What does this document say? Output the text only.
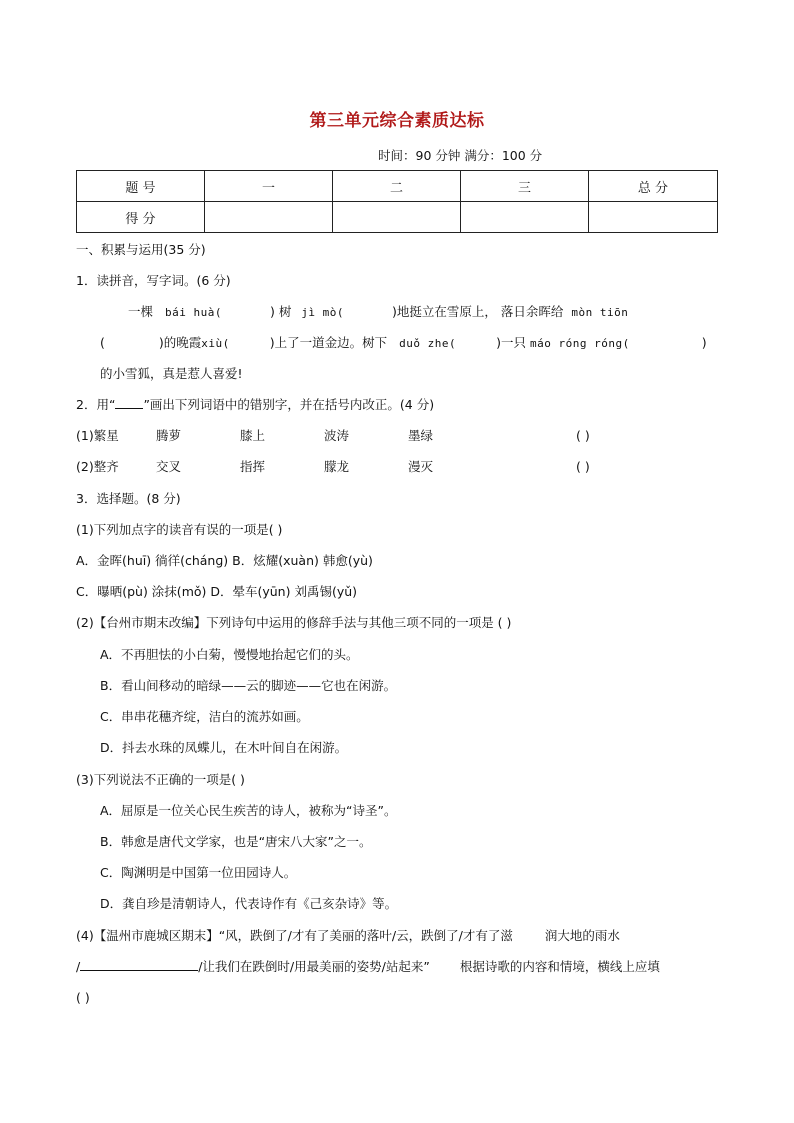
第三单元综合素质达标
时间：90 分钟 满分：100 分
题 号	一	二	三	总 分
得 分				
一、积累与运用(35 分)
1．读拼音，写字词。(6 分)
一棵 bái huà(	) 树 jì mò(	)地挺立在雪原上， 落日余晖给 mòn tiōn
(	)的晚霞xiù(	)上了一道金边。树下 duǒ zhe(	)一只 máo róng róng(	)
的小雪狐，真是惹人喜爱!
2．用“ ”画出下列词语中的错别字，并在括号内改正。(4 分)
(1)繁星	腾萝	膝上	波涛	墨绿	( )
(2)整齐	交叉	指挥	朦龙	漫灭	( )
3．选择题。(8 分)
(1)下列加点字的读音有误的一项是( )
A．金晖(huī) 徜徉(chánɡ) B．炫耀(xuàn) 韩愈(yù)
C．曝晒(pù) 涂抹(mǒ) D．晕车(yūn) 刘禹锡(yǔ)
(2)【台州市期末改编】下列诗句中运用的修辞手法与其他三项不同的一项是 ( )
A．不再胆怯的小白菊，慢慢地抬起它们的头。
B．看山间移动的暗绿——云的脚迹——它也在闲游。
C．串串花穗齐绽，洁白的流苏如画。
D．抖去水珠的凤蝶儿，在木叶间自在闲游。
(3)下列说法不正确的一项是( )
A．屈原是一位关心民生疾苦的诗人，被称为“诗圣”。
B．韩愈是唐代文学家，也是“唐宋八大家”之一。
C．陶渊明是中国第一位田园诗人。
D．龚自珍是清朝诗人，代表诗作有《己亥杂诗》等。
(4)【温州市鹿城区期末】“风，跌倒了/才有了美丽的落叶/云，跌倒了/才有了滋	润大地的雨水
/	/让我们在跌倒时/用最美丽的姿势/站起来” 根据诗歌的内容和情境，横线上应填
( )
